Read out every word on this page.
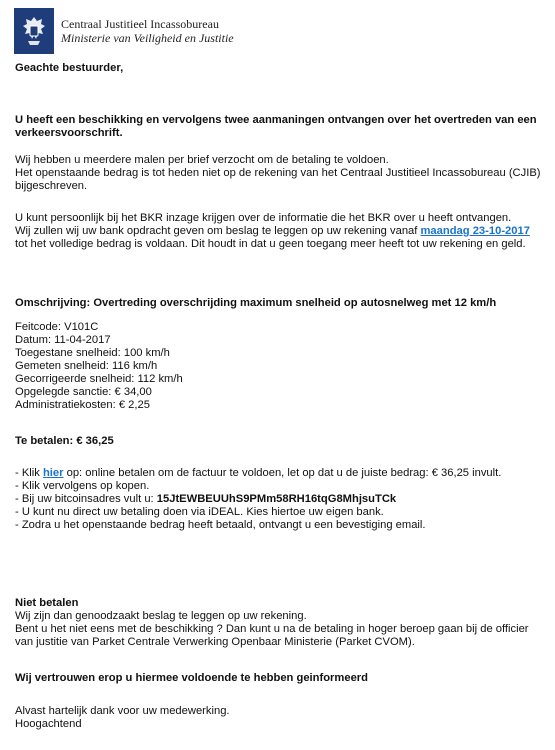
Centraal Justitieel Incassobureau
Ministerie van Veiligheid en Justitie

Geachte bestuurder,

U heeft een beschikking en vervolgens twee aanmaningen ontvangen over het overtreden van een verkeersvoorschrift.

Wij hebben u meerdere malen per brief verzocht om de betaling te voldoen.

Het openstaande bedrag is tot heden niet op de rekening van het Centraal Justitieel Incassobureau (CJIB) bijgeschreven.

U kunt persoonlijk bij het BKR inzage krijgen over de informatie die het BKR over u heeft ontvangen.

Wij zullen wij uw bank opdracht geven om beslag te leggen op uw rekening vanaf maandag 23-10-2017 tot het volledige bedrag is voldaan. Dit houdt in dat u geen toegang meer heeft tot uw rekening en geld.

Omschrijving: Overtreding overschrijding maximum snelheid op autosnelweg met 12 km/h

Feitcode: V101C

Datum: 11-04-2017

Toegestane snelheid: 100 km/h

Gemeten snelheid: 116 km/h

Gecorrigeerde snelheid: 112 km/h

Opgelegde sanctie: € 34,00

Administratiekosten: € 2,25

Te betalen: € 36,25

- Klik hier op: online betalen om de factuur te voldoen, let op dat u de juiste bedrag: € 36,25 invult.

- Klik vervolgens op kopen.

- Bij uw bitcoinsadres vult u: 15JtEWBEUUhS9PMm58RH16tqG8MhjsuTCk

- U kunt nu direct uw betaling doen via iDEAL. Kies hiertoe uw eigen bank.

- Zodra u het openstaande bedrag heeft betaald, ontvangt u een bevestiging email.

Niet betalen

Wij zijn dan genoodzaakt beslag te leggen op uw rekening.

Bent u het niet eens met de beschikking ? Dan kunt u na de betaling in hoger beroep gaan bij de officier van justitie van Parket Centrale Verwerking Openbaar Ministerie (Parket CVOM).

Wij vertrouwen erop u hiermee voldoende te hebben geinformeerd

Alvast hartelijk dank voor uw medewerking.

Hoogachtend
